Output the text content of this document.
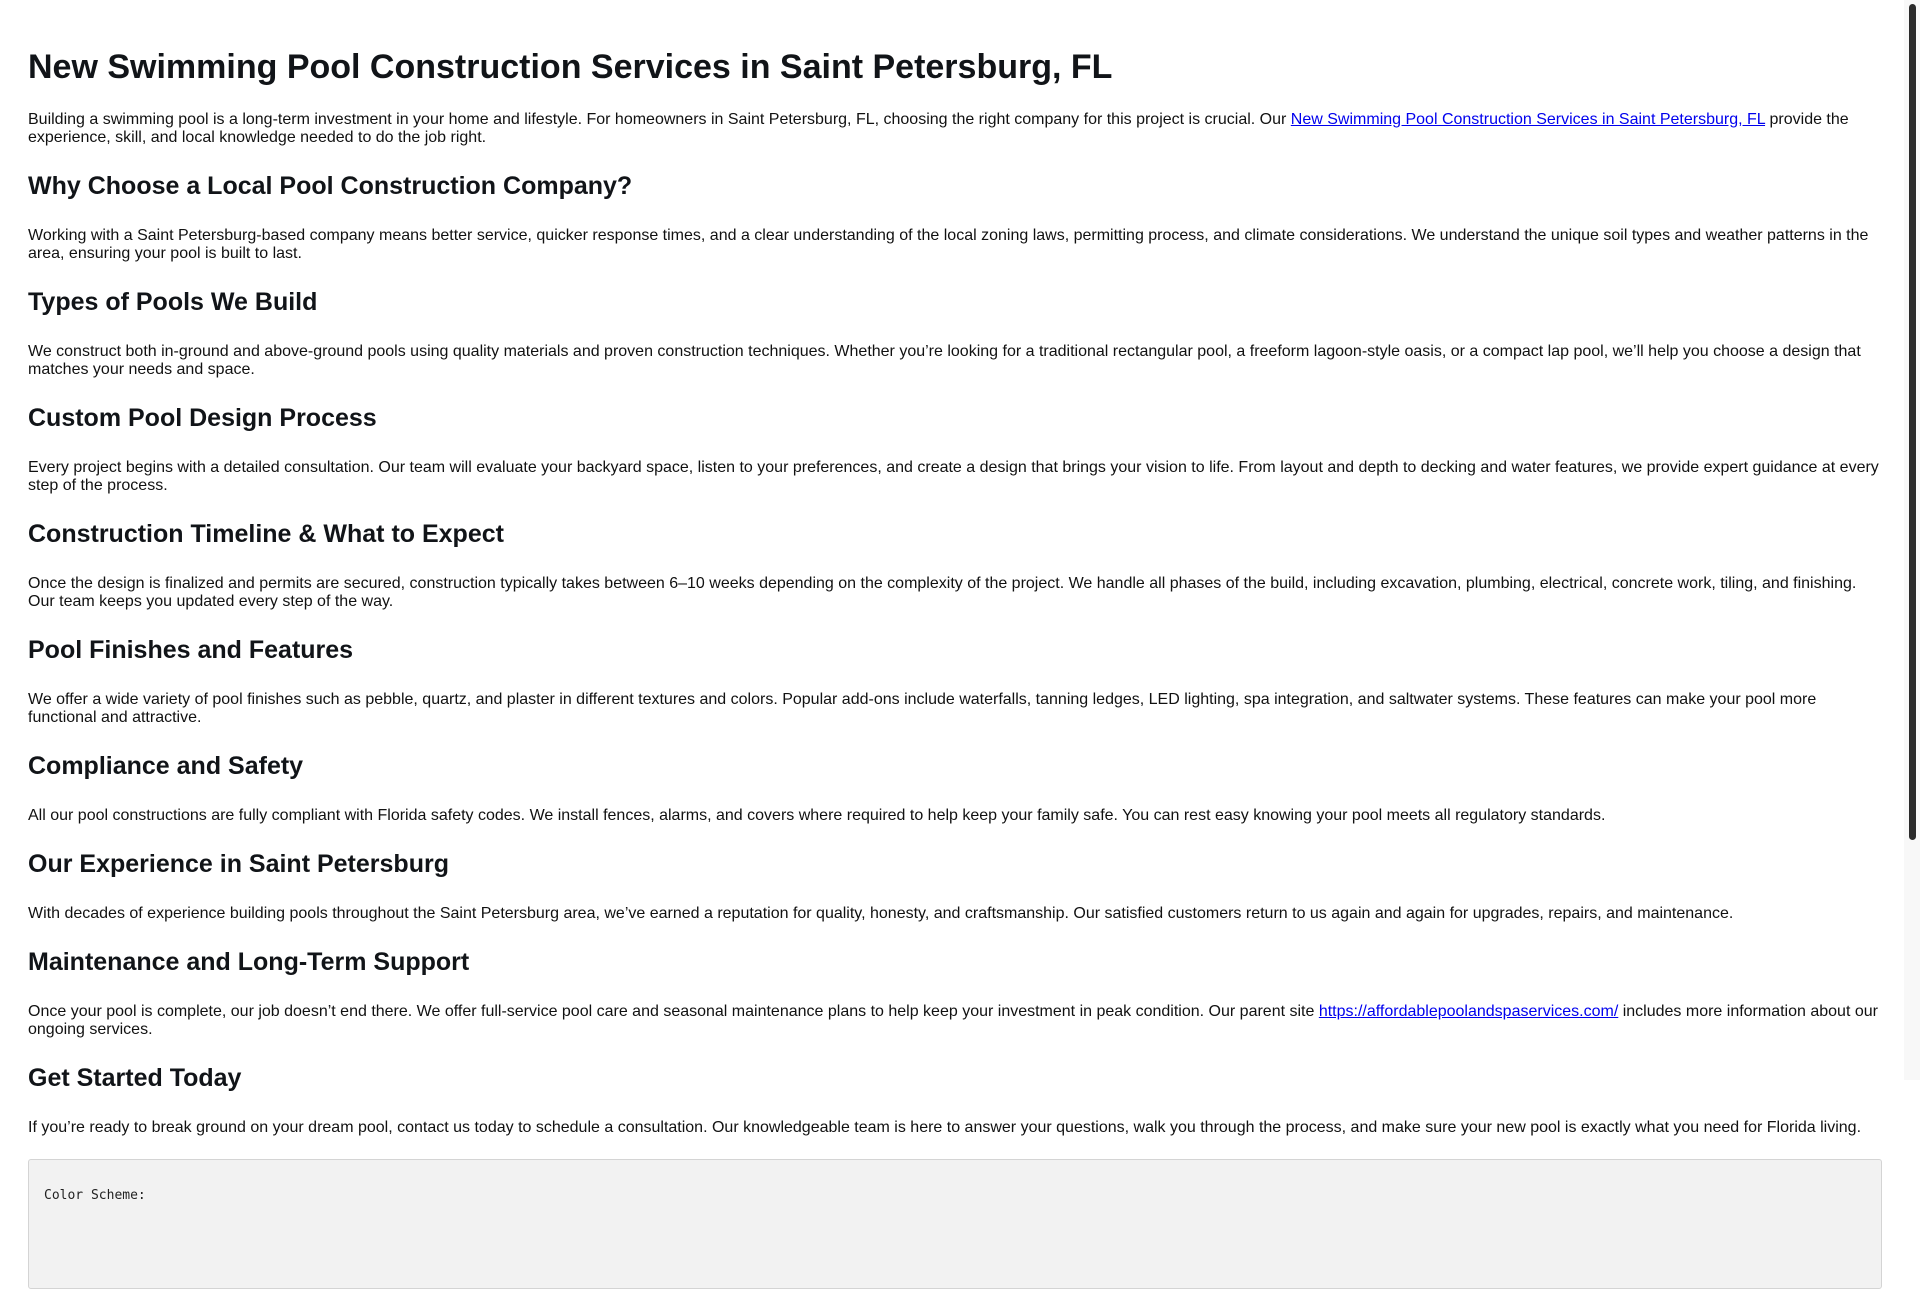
New Swimming Pool Construction Services in Saint Petersburg, FL

Building a swimming pool is a long-term investment in your home and lifestyle. For homeowners in Saint Petersburg, FL, choosing the right company for this project is crucial. Our New Swimming Pool Construction Services in Saint Petersburg, FL provide the experience, skill, and local knowledge needed to do the job right.

Why Choose a Local Pool Construction Company?

Working with a Saint Petersburg-based company means better service, quicker response times, and a clear understanding of the local zoning laws, permitting process, and climate considerations. We understand the unique soil types and weather patterns in the area, ensuring your pool is built to last.

Types of Pools We Build

We construct both in-ground and above-ground pools using quality materials and proven construction techniques. Whether you’re looking for a traditional rectangular pool, a freeform lagoon-style oasis, or a compact lap pool, we’ll help you choose a design that matches your needs and space.

Custom Pool Design Process

Every project begins with a detailed consultation. Our team will evaluate your backyard space, listen to your preferences, and create a design that brings your vision to life. From layout and depth to decking and water features, we provide expert guidance at every step of the process.

Construction Timeline & What to Expect

Once the design is finalized and permits are secured, construction typically takes between 6–10 weeks depending on the complexity of the project. We handle all phases of the build, including excavation, plumbing, electrical, concrete work, tiling, and finishing. Our team keeps you updated every step of the way.

Pool Finishes and Features

We offer a wide variety of pool finishes such as pebble, quartz, and plaster in different textures and colors. Popular add-ons include waterfalls, tanning ledges, LED lighting, spa integration, and saltwater systems. These features can make your pool more functional and attractive.

Compliance and Safety

All our pool constructions are fully compliant with Florida safety codes. We install fences, alarms, and covers where required to help keep your family safe. You can rest easy knowing your pool meets all regulatory standards.

Our Experience in Saint Petersburg

With decades of experience building pools throughout the Saint Petersburg area, we’ve earned a reputation for quality, honesty, and craftsmanship. Our satisfied customers return to us again and again for upgrades, repairs, and maintenance.

Maintenance and Long-Term Support

Once your pool is complete, our job doesn’t end there. We offer full-service pool care and seasonal maintenance plans to help keep your investment in peak condition. Our parent site https://affordablepoolandspaservices.com/ includes more information about our ongoing services.

Get Started Today

If you’re ready to break ground on your dream pool, contact us today to schedule a consultation. Our knowledgeable team is here to answer your questions, walk you through the process, and make sure your new pool is exactly what you need for Florida living.

Color Scheme:
